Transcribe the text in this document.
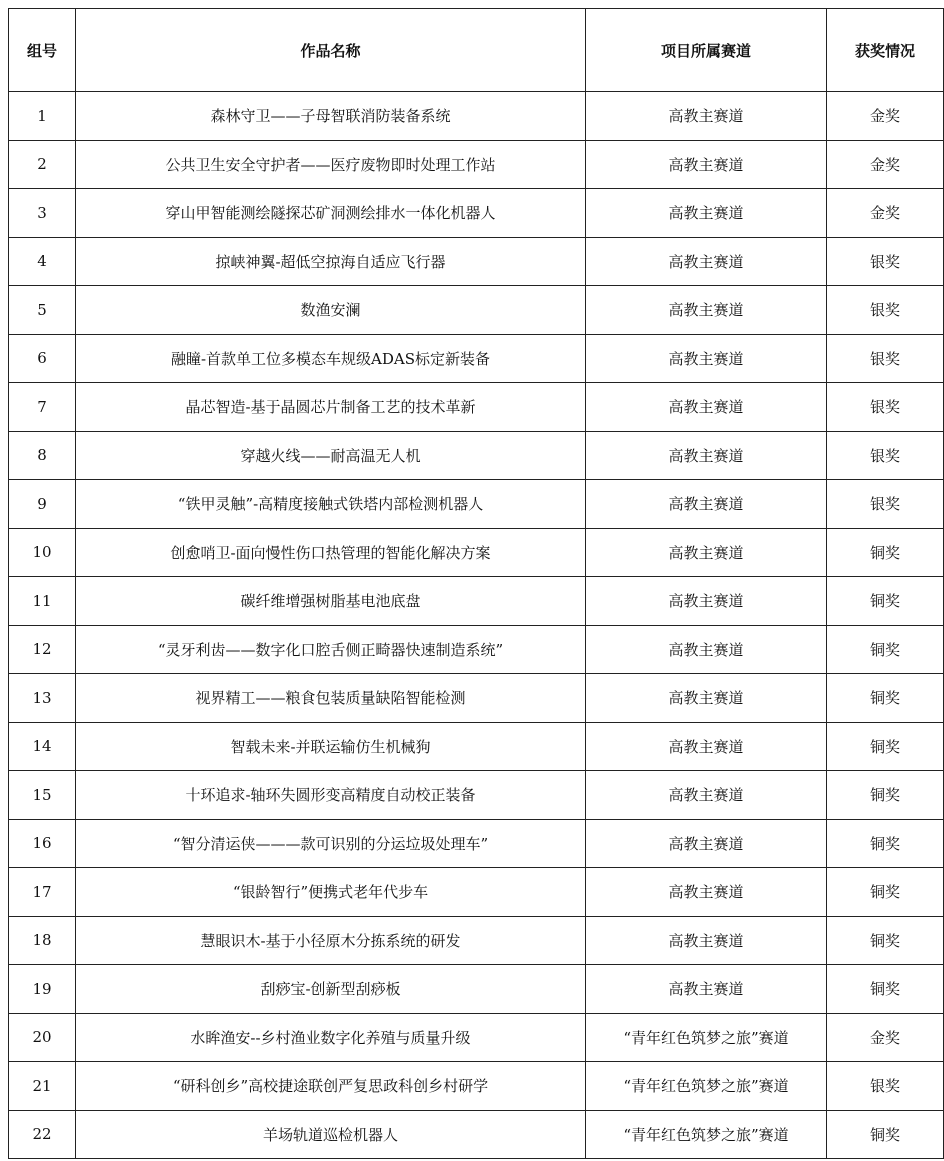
组号	作品名称	项目所属赛道	获奖情况
1	森林守卫——子母智联消防装备系统	高教主赛道	金奖
2	公共卫生安全守护者——医疗废物即时处理工作站	高教主赛道	金奖
3	穿山甲智能测绘隧探芯矿洞测绘排水一体化机器人	高教主赛道	金奖
4	掠峡神翼-超低空掠海自适应飞行器	高教主赛道	银奖
5	数渔安澜	高教主赛道	银奖
6	融瞳-首款单工位多模态车规级ADAS标定新装备	高教主赛道	银奖
7	晶芯智造-基于晶圆芯片制备工艺的技术革新	高教主赛道	银奖
8	穿越火线——耐高温无人机	高教主赛道	银奖
9	“铁甲灵触”-高精度接触式铁塔内部检测机器人	高教主赛道	银奖
10	创愈哨卫-面向慢性伤口热管理的智能化解决方案	高教主赛道	铜奖
11	碳纤维增强树脂基电池底盘	高教主赛道	铜奖
12	“灵牙利齿——数字化口腔舌侧正畸器快速制造系统”	高教主赛道	铜奖
13	视界精工——粮食包装质量缺陷智能检测	高教主赛道	铜奖
14	智载未来-并联运输仿生机械狗	高教主赛道	铜奖
15	十环追求-轴环失圆形变高精度自动校正装备	高教主赛道	铜奖
16	“智分清运侠———款可识别的分运垃圾处理车”	高教主赛道	铜奖
17	“银龄智行”便携式老年代步车	高教主赛道	铜奖
18	慧眼识木-基于小径原木分拣系统的研发	高教主赛道	铜奖
19	刮痧宝-创新型刮痧板	高教主赛道	铜奖
20	水眸渔安--乡村渔业数字化养殖与质量升级	“青年红色筑梦之旅”赛道	金奖
21	“研科创乡”高校捷途联创严复思政科创乡村研学	“青年红色筑梦之旅”赛道	银奖
22	羊场轨道巡检机器人	“青年红色筑梦之旅”赛道	铜奖
